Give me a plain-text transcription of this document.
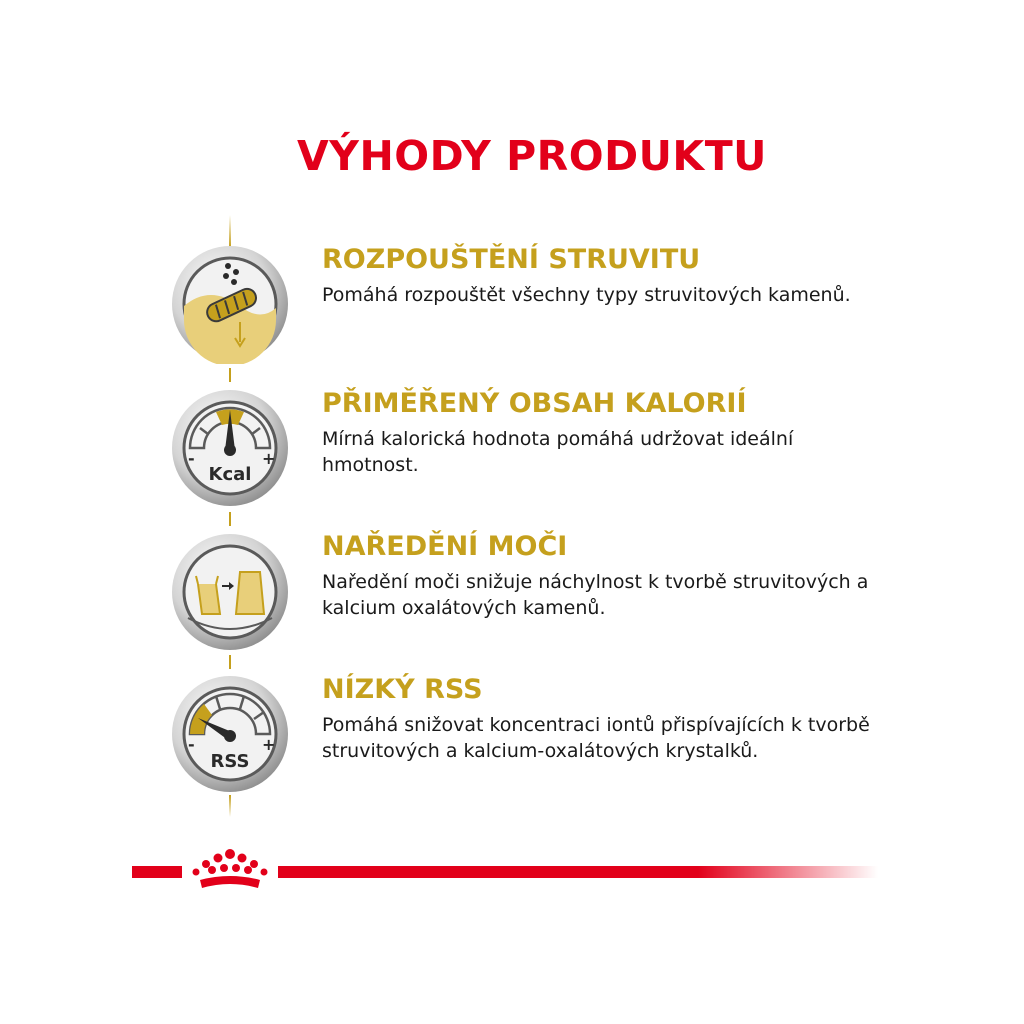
VÝHODY PRODUKTU
-	+
Kcal
-	+
RSS
ROZPOUŠTĚNÍ STRUVITU

Pomáhá rozpouštět všechny typy struvitových kamenů.

PŘIMĚŘENÝ OBSAH KALORIÍ

Mírná kalorická hodnota pomáhá udržovat ideální hmotnost.

NAŘEDĚNÍ MOČI

Naředění moči snižuje náchylnost k tvorbě struvitových a kalcium oxalátových kamenů.

NÍZKÝ RSS

Pomáhá snižovat koncentraci iontů přispívajících k tvorbě struvitových a kalcium-oxalátových krystalků.
